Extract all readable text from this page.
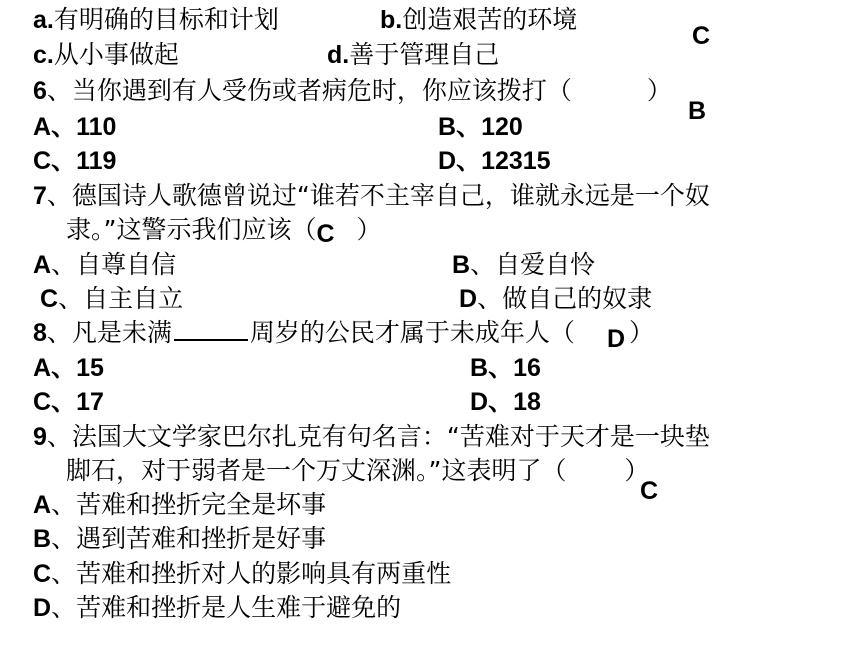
a.有明确的目标和计划	b.创造艰苦的环境
C
c.从小事做起	d.善于管理自己
6、当你遇到有人受伤或者病危时，你应该拨打（　　　）
B
A、110	B、120
C、119	D、12315
7、德国诗人歌德曾说过“谁若不主宰自己，谁就永远是一个奴
隶。”这警示我们应该（C ）
A、自尊自信	B、自爱自怜
C、自主自立	D、做自己的奴隶
8、凡是未满	周岁的公民才属于未成年人（ D ）
A、15	B、16
C、17	D、18
9、法国大文学家巴尔扎克有句名言：“苦难对于天才是一块垫
脚石，对于弱者是一个万丈深渊。”这表明了（　　 ）
C
A、苦难和挫折完全是坏事
B、遇到苦难和挫折是好事
C、苦难和挫折对人的影响具有两重性
D、苦难和挫折是人生难于避免的
